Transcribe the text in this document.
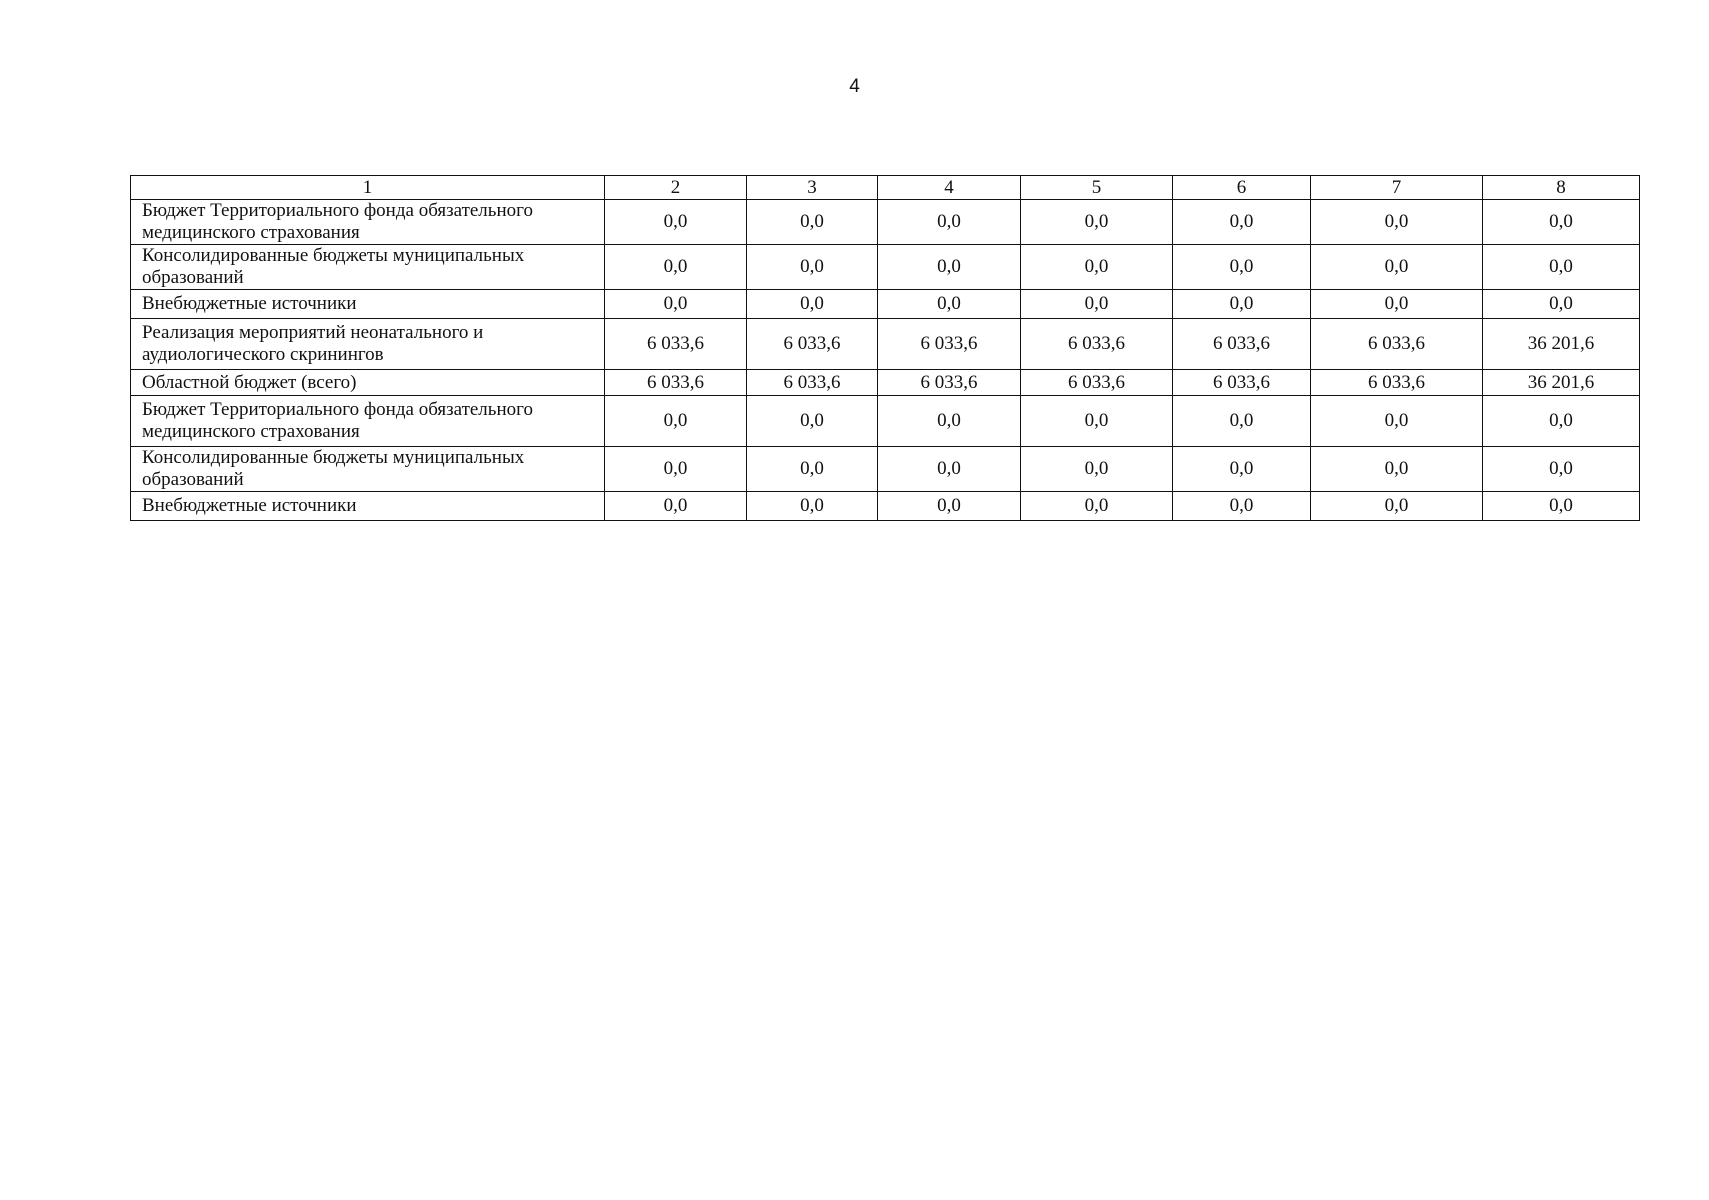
4
1	2	3	4	5	6	7	8
Бюджет Территориального фонда обязательного медицинского страхования	0,0	0,0	0,0	0,0	0,0	0,0	0,0
Консолидированные бюджеты муниципальных образований	0,0	0,0	0,0	0,0	0,0	0,0	0,0
Внебюджетные источники	0,0	0,0	0,0	0,0	0,0	0,0	0,0
Реализация мероприятий неонатального и аудиологического скринингов	6 033,6	6 033,6	6 033,6	6 033,6	6 033,6	6 033,6	36 201,6
Областной бюджет (всего)	6 033,6	6 033,6	6 033,6	6 033,6	6 033,6	6 033,6	36 201,6
Бюджет Территориального фонда обязательного медицинского страхования	0,0	0,0	0,0	0,0	0,0	0,0	0,0
Консолидированные бюджеты муниципальных образований	0,0	0,0	0,0	0,0	0,0	0,0	0,0
Внебюджетные источники	0,0	0,0	0,0	0,0	0,0	0,0	0,0
